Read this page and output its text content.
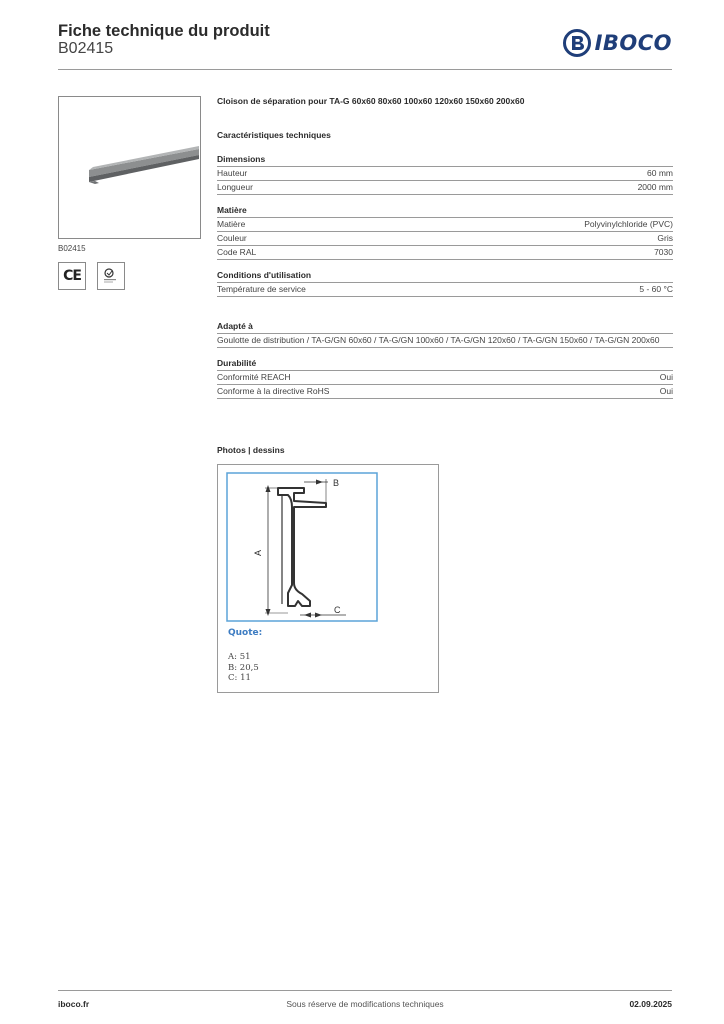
Fiche technique du produit
B02415	IBOCO
B02415
CE
Cloison de séparation pour TA-G 60x60 80x60 100x60 120x60 150x60 200x60
Caractéristiques techniques
Dimensions
Hauteur	60 mm
Longueur	2000 mm
Matière
Matière	Polyvinylchloride (PVC)
Couleur	Gris
Code RAL	7030
Conditions d'utilisation
Température de service	5 - 60 °C
Adapté à
Goulotte de distribution / TA-G/GN 60x60 / TA-G/GN 100x60 / TA-G/GN 120x60 / TA-G/GN 150x60 / TA-G/GN 200x60
Durabilité
Conformité REACH	Oui
Conforme à la directive RoHS	Oui
Photos | dessins
A
B
C
Quote:
A: 51
B: 20,5
C: 11
iboco.fr	Sous réserve de modifications techniques	02.09.2025
